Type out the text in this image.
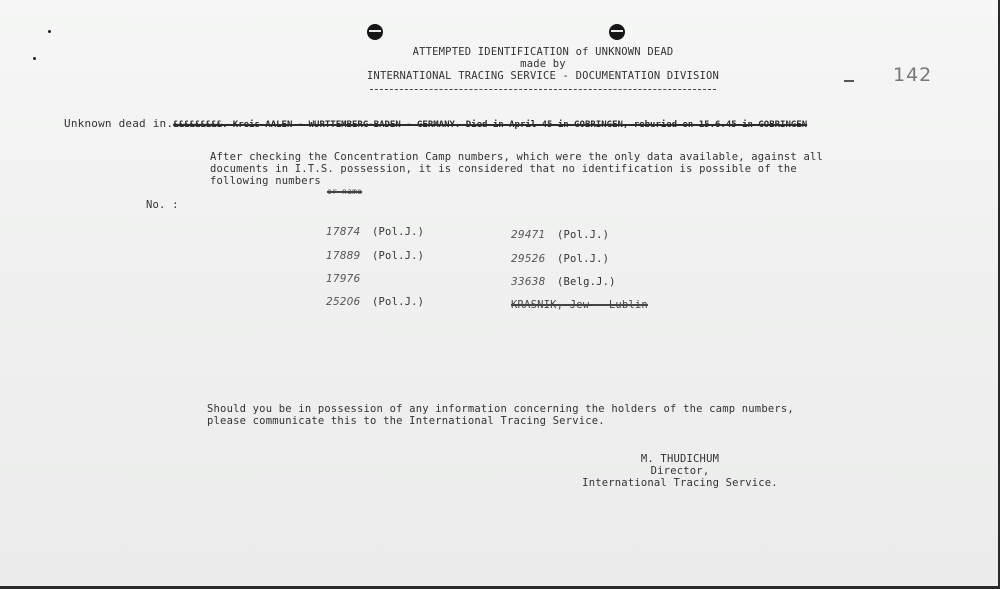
ATTEMPTED IDENTIFICATION of UNKNOWN DEAD
made by
INTERNATIONAL TRACING SERVICE - DOCUMENTATION DIVISION	142
Unknown dead in.&&&&&&&&&. Kreis AALEN - WURTTEMBERG-BADEN - GERMANY. Died in April 45 in GOBRINGEN, reburied on 15.6.45 in GOBRINGEN
After checking the Concentration Camp numbers, which were the only data available, against all
documents in I.T.S. possession, it is considered that no identification is possible of the
following numbers
or name
No. :
17874 (Pol.J.)
17889 (Pol.J.)
17976
25206 (Pol.J.)
29471 (Pol.J.)
29526 (Pol.J.)
33638 (Belg.J.)
KRASNIK, Jew - Lublin
Should you be in possession of any information concerning the holders of the camp numbers,
please communicate this to the International Tracing Service.
M. THUDICHUM
Director,
International Tracing Service.
